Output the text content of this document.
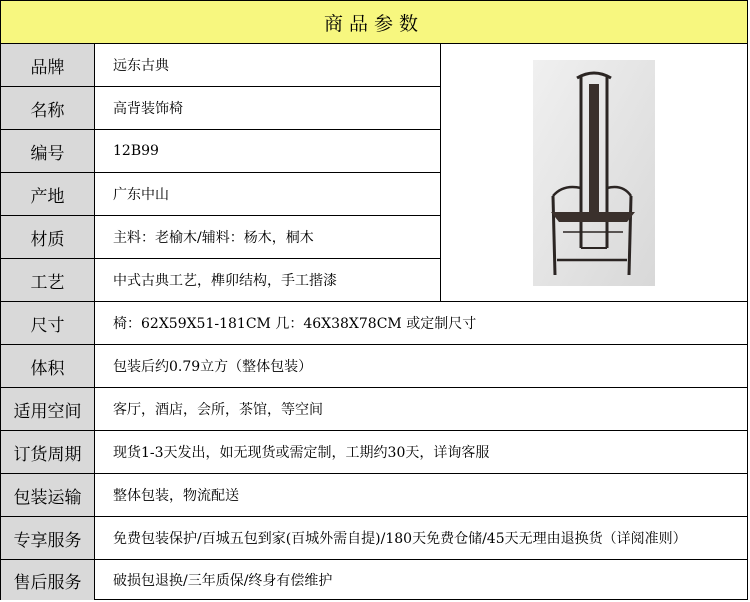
商品参数
品牌	远东古典
名称	高背装饰椅
编号	12B99
产地	广东中山
材质	主料：老榆木/辅料：杨木，桐木
工艺	中式古典工艺，榫卯结构，手工揩漆
尺寸	椅：62X59X51-181CM 几：46X38X78CM 或定制尺寸
体积	包装后约0.79立方（整体包装）
适用空间	客厅，酒店，会所，茶馆，等空间
订货周期	现货1-3天发出，如无现货或需定制，工期约30天，详询客服
包装运输	整体包装，物流配送
专享服务	免费包装保护/百城五包到家(百城外需自提)/180天免费仓储/45天无理由退换货（详阅准则）
售后服务	破损包退换/三年质保/终身有偿维护
